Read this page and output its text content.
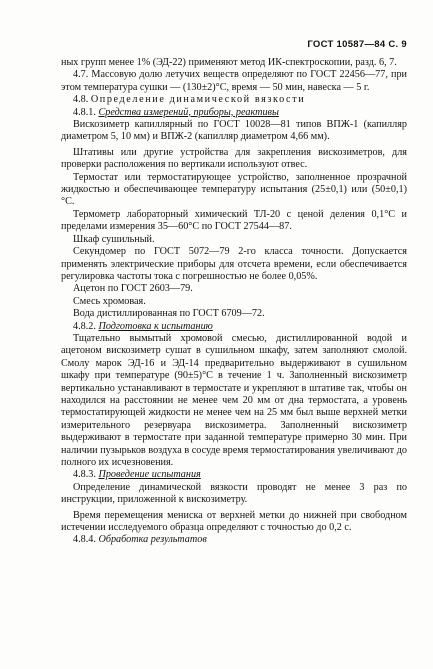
ГОСТ 10587—84 С. 9

ных групп менее 1% (ЭД-22) применяют метод ИК-спектроскопии, разд. 6, 7.

4.7. Массовую долю летучих веществ определяют по ГОСТ 22456—77, при этом температура сушки — (130±2)°С, время — 50 мин, навеска — 5 г.

4.8. Определение динамической вязкости

4.8.1. Средства измерений, приборы, реактивы

Вискозиметр капиллярный по ГОСТ 10028—81 типов ВПЖ-1 (капилляр диаметром 5, 10 мм) и ВПЖ-2 (капилляр диаметром 4,66 мм).

Штативы или другие устройства для закрепления вискозиметров, для проверки расположения по вертикали используют отвес.

Термостат или термостатирующее устройство, заполненное прозрачной жидкостью и обеспечивающее температуру испытания (25±0,1) или (50±0,1)°С.

Термометр лабораторный химический ТЛ-20 с ценой деления 0,1°С и пределами измерения 35—60°С по ГОСТ 27544—87.

Шкаф сушильный.

Секундомер по ГОСТ 5072—79 2-го класса точности. Допускается применять электрические приборы для отсчета времени, если обеспечивается регулировка частоты тока с погрешностью не более 0,05%.

Ацетон по ГОСТ 2603—79.

Смесь хромовая.

Вода дистиллированная по ГОСТ 6709—72.

4.8.2. Подготовка к испытанию

Тщательно вымытый хромовой смесью, дистиллированной водой и ацетоном вискозиметр сушат в сушильном шкафу, затем заполняют смолой. Смолу марок ЭД-16 и ЭД-14 предварительно выдерживают в сушильном шкафу при температуре (90±5)°С в течение 1 ч. Заполненный вискозиметр вертикально устанавливают в термостате и укрепляют в штативе так, чтобы он находился на расстоянии не менее чем 20 мм от дна термостата, а уровень термостатирующей жидкости не менее чем на 25 мм был выше верхней метки измерительного резервуара вискозиметра. Заполненный вискозиметр выдерживают в термостате при заданной температуре примерно 30 мин. При наличии пузырьков воздуха в сосуде время термостатирования увеличивают до полного их исчезновения.

4.8.3. Проведение испытания

Определение динамической вязкости проводят не менее 3 раз по инструкции, приложенной к вискозиметру.

Время перемещения мениска от верхней метки до нижней при свободном истечении исследуемого образца определяют с точностью до 0,2 с.

4.8.4. Обработка результатов
